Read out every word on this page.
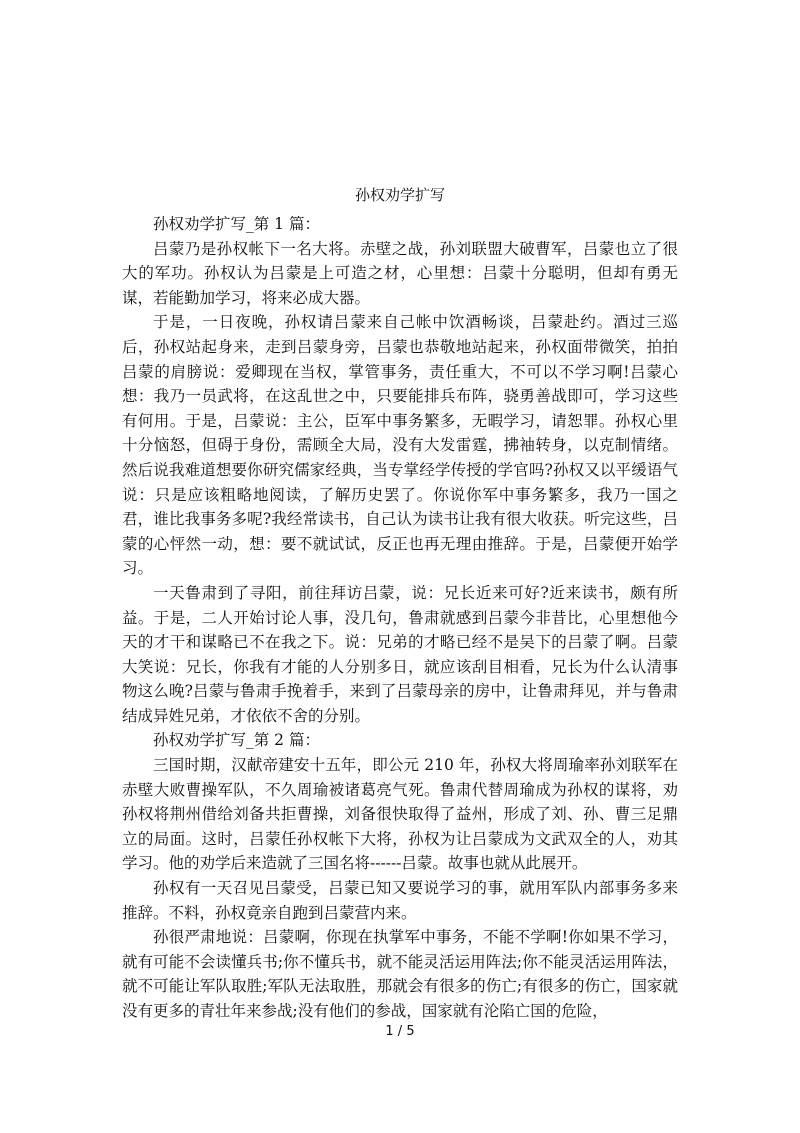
孙权劝学扩写

孙权劝学扩写_第 1 篇：

吕蒙乃是孙权帐下一名大将。赤壁之战，孙刘联盟大破曹军，吕蒙也立了很大的军功。孙权认为吕蒙是上可造之材，心里想：吕蒙十分聪明，但却有勇无谋，若能勤加学习，将来必成大器。

于是，一日夜晚，孙权请吕蒙来自己帐中饮酒畅谈，吕蒙赴约。酒过三巡后，孙权站起身来，走到吕蒙身旁，吕蒙也恭敬地站起来，孙权面带微笑，拍拍吕蒙的肩膀说：爱卿现在当权，掌管事务，责任重大，不可以不学习啊!吕蒙心想：我乃一员武将，在这乱世之中，只要能排兵布阵，骁勇善战即可，学习这些有何用。于是，吕蒙说：主公，臣军中事务繁多，无暇学习，请恕罪。孙权心里十分恼怒，但碍于身份，需顾全大局，没有大发雷霆，拂袖转身，以克制情绪。然后说我难道想要你研究儒家经典，当专掌经学传授的学官吗?孙权又以平缓语气说：只是应该粗略地阅读，了解历史罢了。你说你军中事务繁多，我乃一国之君，谁比我事务多呢?我经常读书，自己认为读书让我有很大收获。听完这些，吕蒙的心怦然一动，想：要不就试试，反正也再无理由推辞。于是，吕蒙便开始学习。

一天鲁肃到了寻阳，前往拜访吕蒙，说：兄长近来可好?近来读书，颇有所益。于是，二人开始讨论人事，没几句，鲁肃就感到吕蒙今非昔比，心里想他今天的才干和谋略已不在我之下。说：兄弟的才略已经不是吴下的吕蒙了啊。吕蒙大笑说：兄长，你我有才能的人分别多日，就应该刮目相看，兄长为什么认清事物这么晚?吕蒙与鲁肃手挽着手，来到了吕蒙母亲的房中，让鲁肃拜见，并与鲁肃结成异姓兄弟，才依依不舍的分别。

孙权劝学扩写_第 2 篇：

三国时期，汉献帝建安十五年，即公元 210 年，孙权大将周瑜率孙刘联军在赤壁大败曹操军队，不久周瑜被诸葛亮气死。鲁肃代替周瑜成为孙权的谋将，劝孙权将荆州借给刘备共拒曹操，刘备很快取得了益州，形成了刘、孙、曹三足鼎立的局面。这时，吕蒙任孙权帐下大将，孙权为让吕蒙成为文武双全的人，劝其学习。他的劝学后来造就了三国名将------吕蒙。故事也就从此展开。

孙权有一天召见吕蒙受，吕蒙已知又要说学习的事，就用军队内部事务多来推辞。不料，孙权竟亲自跑到吕蒙营内来。

孙很严肃地说：吕蒙啊，你现在执掌军中事务，不能不学啊!你如果不学习，就有可能不会读懂兵书;你不懂兵书，就不能灵活运用阵法;你不能灵活运用阵法，就不可能让军队取胜;军队无法取胜，那就会有很多的伤亡;有很多的伤亡，国家就没有更多的青壮年来参战;没有他们的参战，国家就有沦陷亡国的危险，

1 / 5
